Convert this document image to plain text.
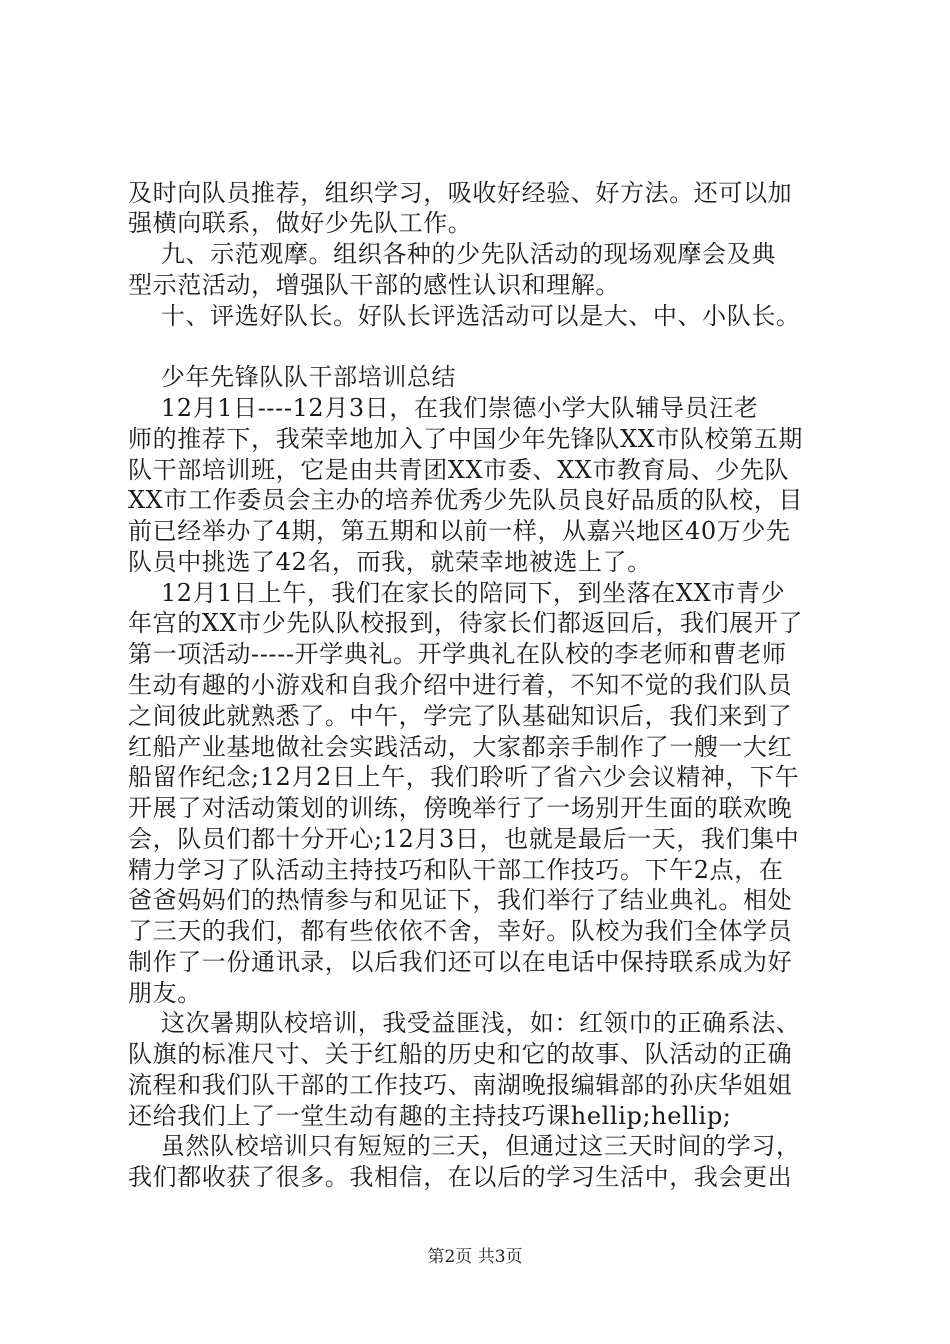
及时向队员推荐，组织学习，吸收好经验、好方法。还可以加
强横向联系，做好少先队工作。
九、示范观摩。组织各种的少先队活动的现场观摩会及典
型示范活动，增强队干部的感性认识和理解。
十、评选好队长。好队长评选活动可以是大、中、小队长。
少年先锋队队干部培训总结
12月1日----12月3日，在我们崇德小学大队辅导员汪老
师的推荐下，我荣幸地加入了中国少年先锋队XX市队校第五期
队干部培训班，它是由共青团XX市委、XX市教育局、少先队
XX市工作委员会主办的培养优秀少先队员良好品质的队校，目
前已经举办了4期，第五期和以前一样，从嘉兴地区40万少先
队员中挑选了42名，而我，就荣幸地被选上了。
12月1日上午，我们在家长的陪同下，到坐落在XX市青少
年宫的XX市少先队队校报到，待家长们都返回后，我们展开了
第一项活动-----开学典礼。开学典礼在队校的李老师和曹老师
生动有趣的小游戏和自我介绍中进行着，不知不觉的我们队员
之间彼此就熟悉了。中午，学完了队基础知识后，我们来到了
红船产业基地做社会实践活动，大家都亲手制作了一艘一大红
船留作纪念;12月2日上午，我们聆听了省六少会议精神，下午
开展了对活动策划的训练，傍晚举行了一场别开生面的联欢晚
会，队员们都十分开心;12月3日，也就是最后一天，我们集中
精力学习了队活动主持技巧和队干部工作技巧。下午2点，在
爸爸妈妈们的热情参与和见证下，我们举行了结业典礼。相处
了三天的我们，都有些依依不舍，幸好。队校为我们全体学员
制作了一份通讯录，以后我们还可以在电话中保持联系成为好
朋友。
这次暑期队校培训，我受益匪浅，如：红领巾的正确系法、
队旗的标准尺寸、关于红船的历史和它的故事、队活动的正确
流程和我们队干部的工作技巧、南湖晚报编辑部的孙庆华姐姐
还给我们上了一堂生动有趣的主持技巧课hellip;hellip;
虽然队校培训只有短短的三天，但通过这三天时间的学习，
我们都收获了很多。我相信，在以后的学习生活中，我会更出
第2页 共3页
